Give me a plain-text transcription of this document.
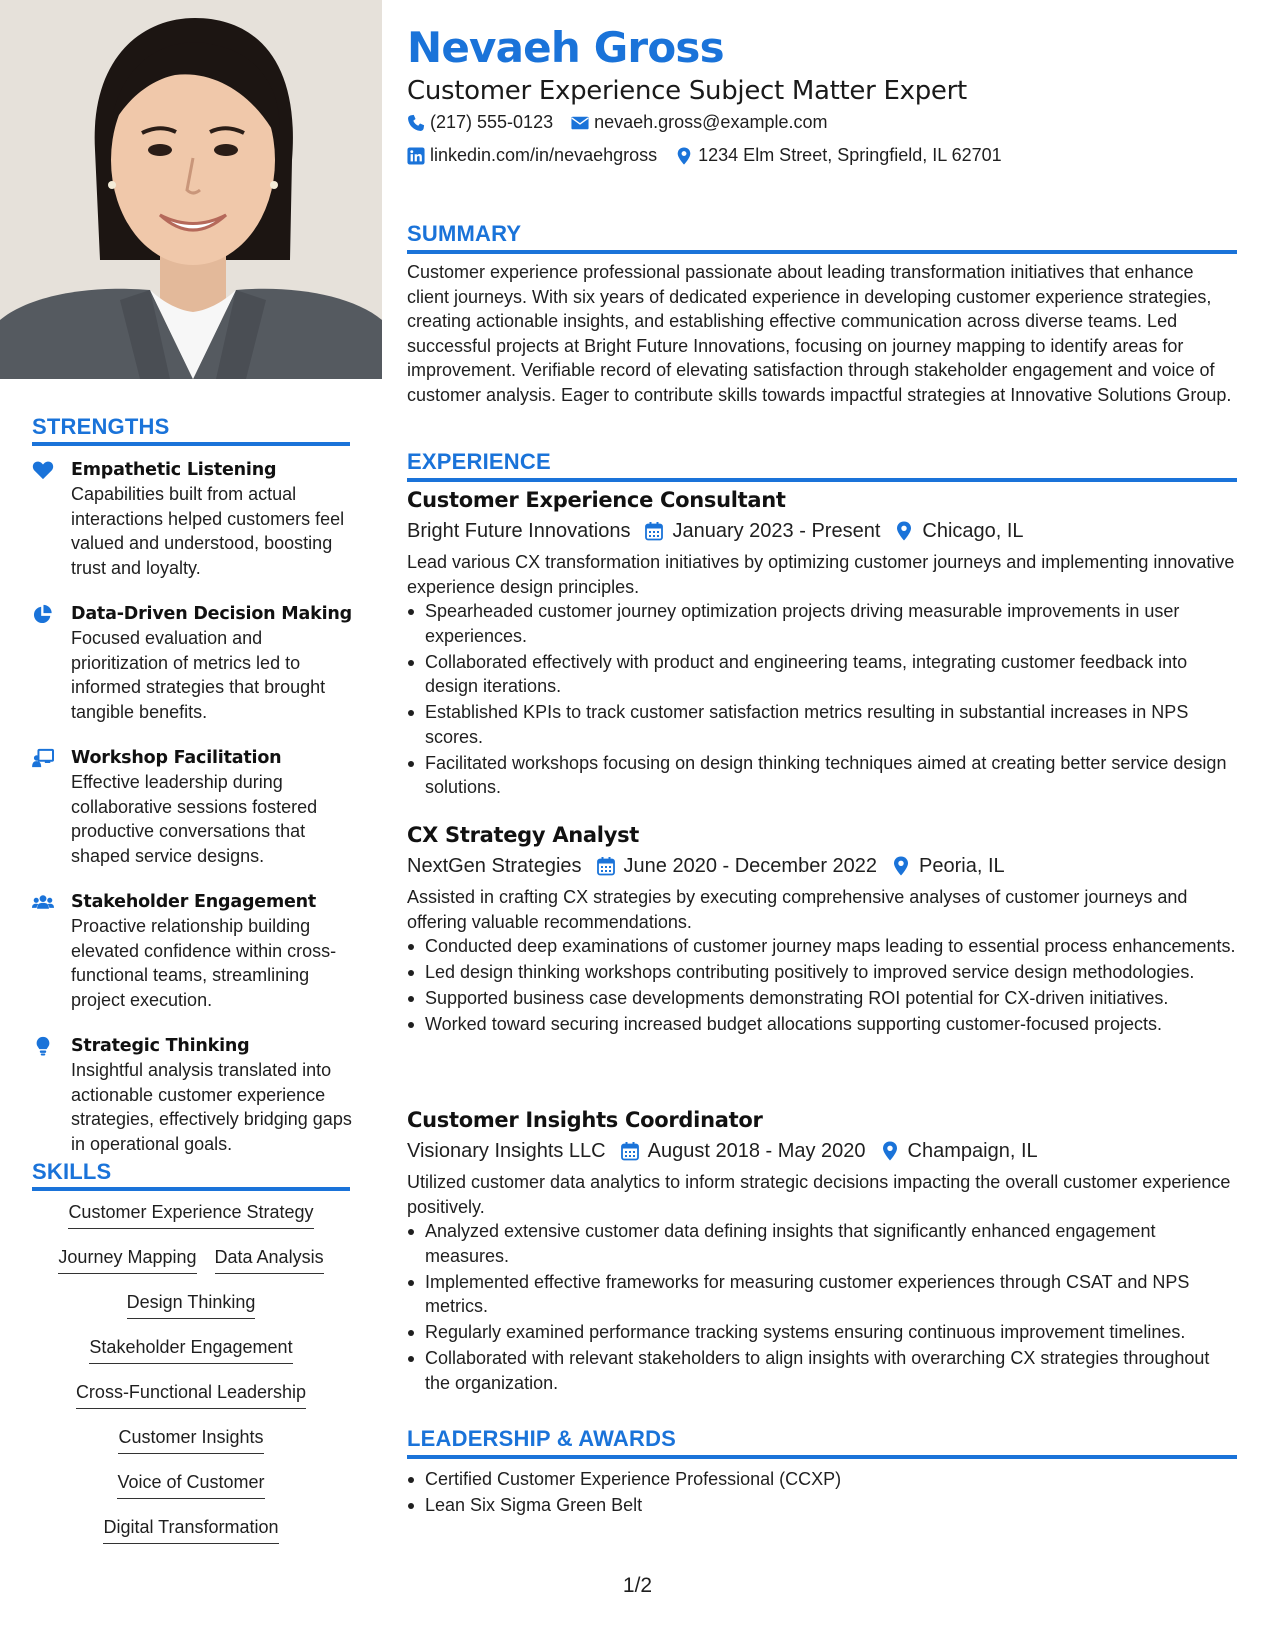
STRENGTHS
Empathetic Listening
Capabilities built from actual interactions helped customers feel valued and understood, boosting trust and loyalty.
Data-Driven Decision Making
Focused evaluation and prioritization of metrics led to informed strategies that brought tangible benefits.
Workshop Facilitation
Effective leadership during collaborative sessions fostered productive conversations that shaped service designs.
Stakeholder Engagement
Proactive relationship building elevated confidence within cross-functional teams, streamlining project execution.
Strategic Thinking
Insightful analysis translated into actionable customer experience strategies, effectively bridging gaps in operational goals.
SKILLS
Customer Experience Strategy
Journey Mapping Data Analysis
Design Thinking
Stakeholder Engagement
Cross-Functional Leadership
Customer Insights
Voice of Customer
Digital Transformation
Nevaeh Gross
Customer Experience Subject Matter Expert
(217) 555-0123 nevaeh.gross@example.com
linkedin.com/in/nevaehgross 1234 Elm Street, Springfield, IL 62701
SUMMARY
Customer experience professional passionate about leading transformation initiatives that enhance client journeys. With six years of dedicated experience in developing customer experience strategies, creating actionable insights, and establishing effective communication across diverse teams. Led successful projects at Bright Future Innovations, focusing on journey mapping to identify areas for improvement. Verifiable record of elevating satisfaction through stakeholder engagement and voice of customer analysis. Eager to contribute skills towards impactful strategies at Innovative Solutions Group.
EXPERIENCE
Customer Experience Consultant
Bright Future Innovations January 2023 - Present Chicago, IL
Lead various CX transformation initiatives by optimizing customer journeys and implementing innovative experience design principles.
Spearheaded customer journey optimization projects driving measurable improvements in user experiences.
Collaborated effectively with product and engineering teams, integrating customer feedback into design iterations.
Established KPIs to track customer satisfaction metrics resulting in substantial increases in NPS scores.
Facilitated workshops focusing on design thinking techniques aimed at creating better service design solutions.
CX Strategy Analyst
NextGen Strategies June 2020 - December 2022 Peoria, IL
Assisted in crafting CX strategies by executing comprehensive analyses of customer journeys and offering valuable recommendations.
Conducted deep examinations of customer journey maps leading to essential process enhancements.
Led design thinking workshops contributing positively to improved service design methodologies.
Supported business case developments demonstrating ROI potential for CX-driven initiatives.
Worked toward securing increased budget allocations supporting customer-focused projects.
Customer Insights Coordinator
Visionary Insights LLC August 2018 - May 2020 Champaign, IL
Utilized customer data analytics to inform strategic decisions impacting the overall customer experience positively.
Analyzed extensive customer data defining insights that significantly enhanced engagement measures.
Implemented effective frameworks for measuring customer experiences through CSAT and NPS metrics.
Regularly examined performance tracking systems ensuring continuous improvement timelines.
Collaborated with relevant stakeholders to align insights with overarching CX strategies throughout the organization.
LEADERSHIP & AWARDS
Certified Customer Experience Professional (CCXP)
Lean Six Sigma Green Belt
1/2
